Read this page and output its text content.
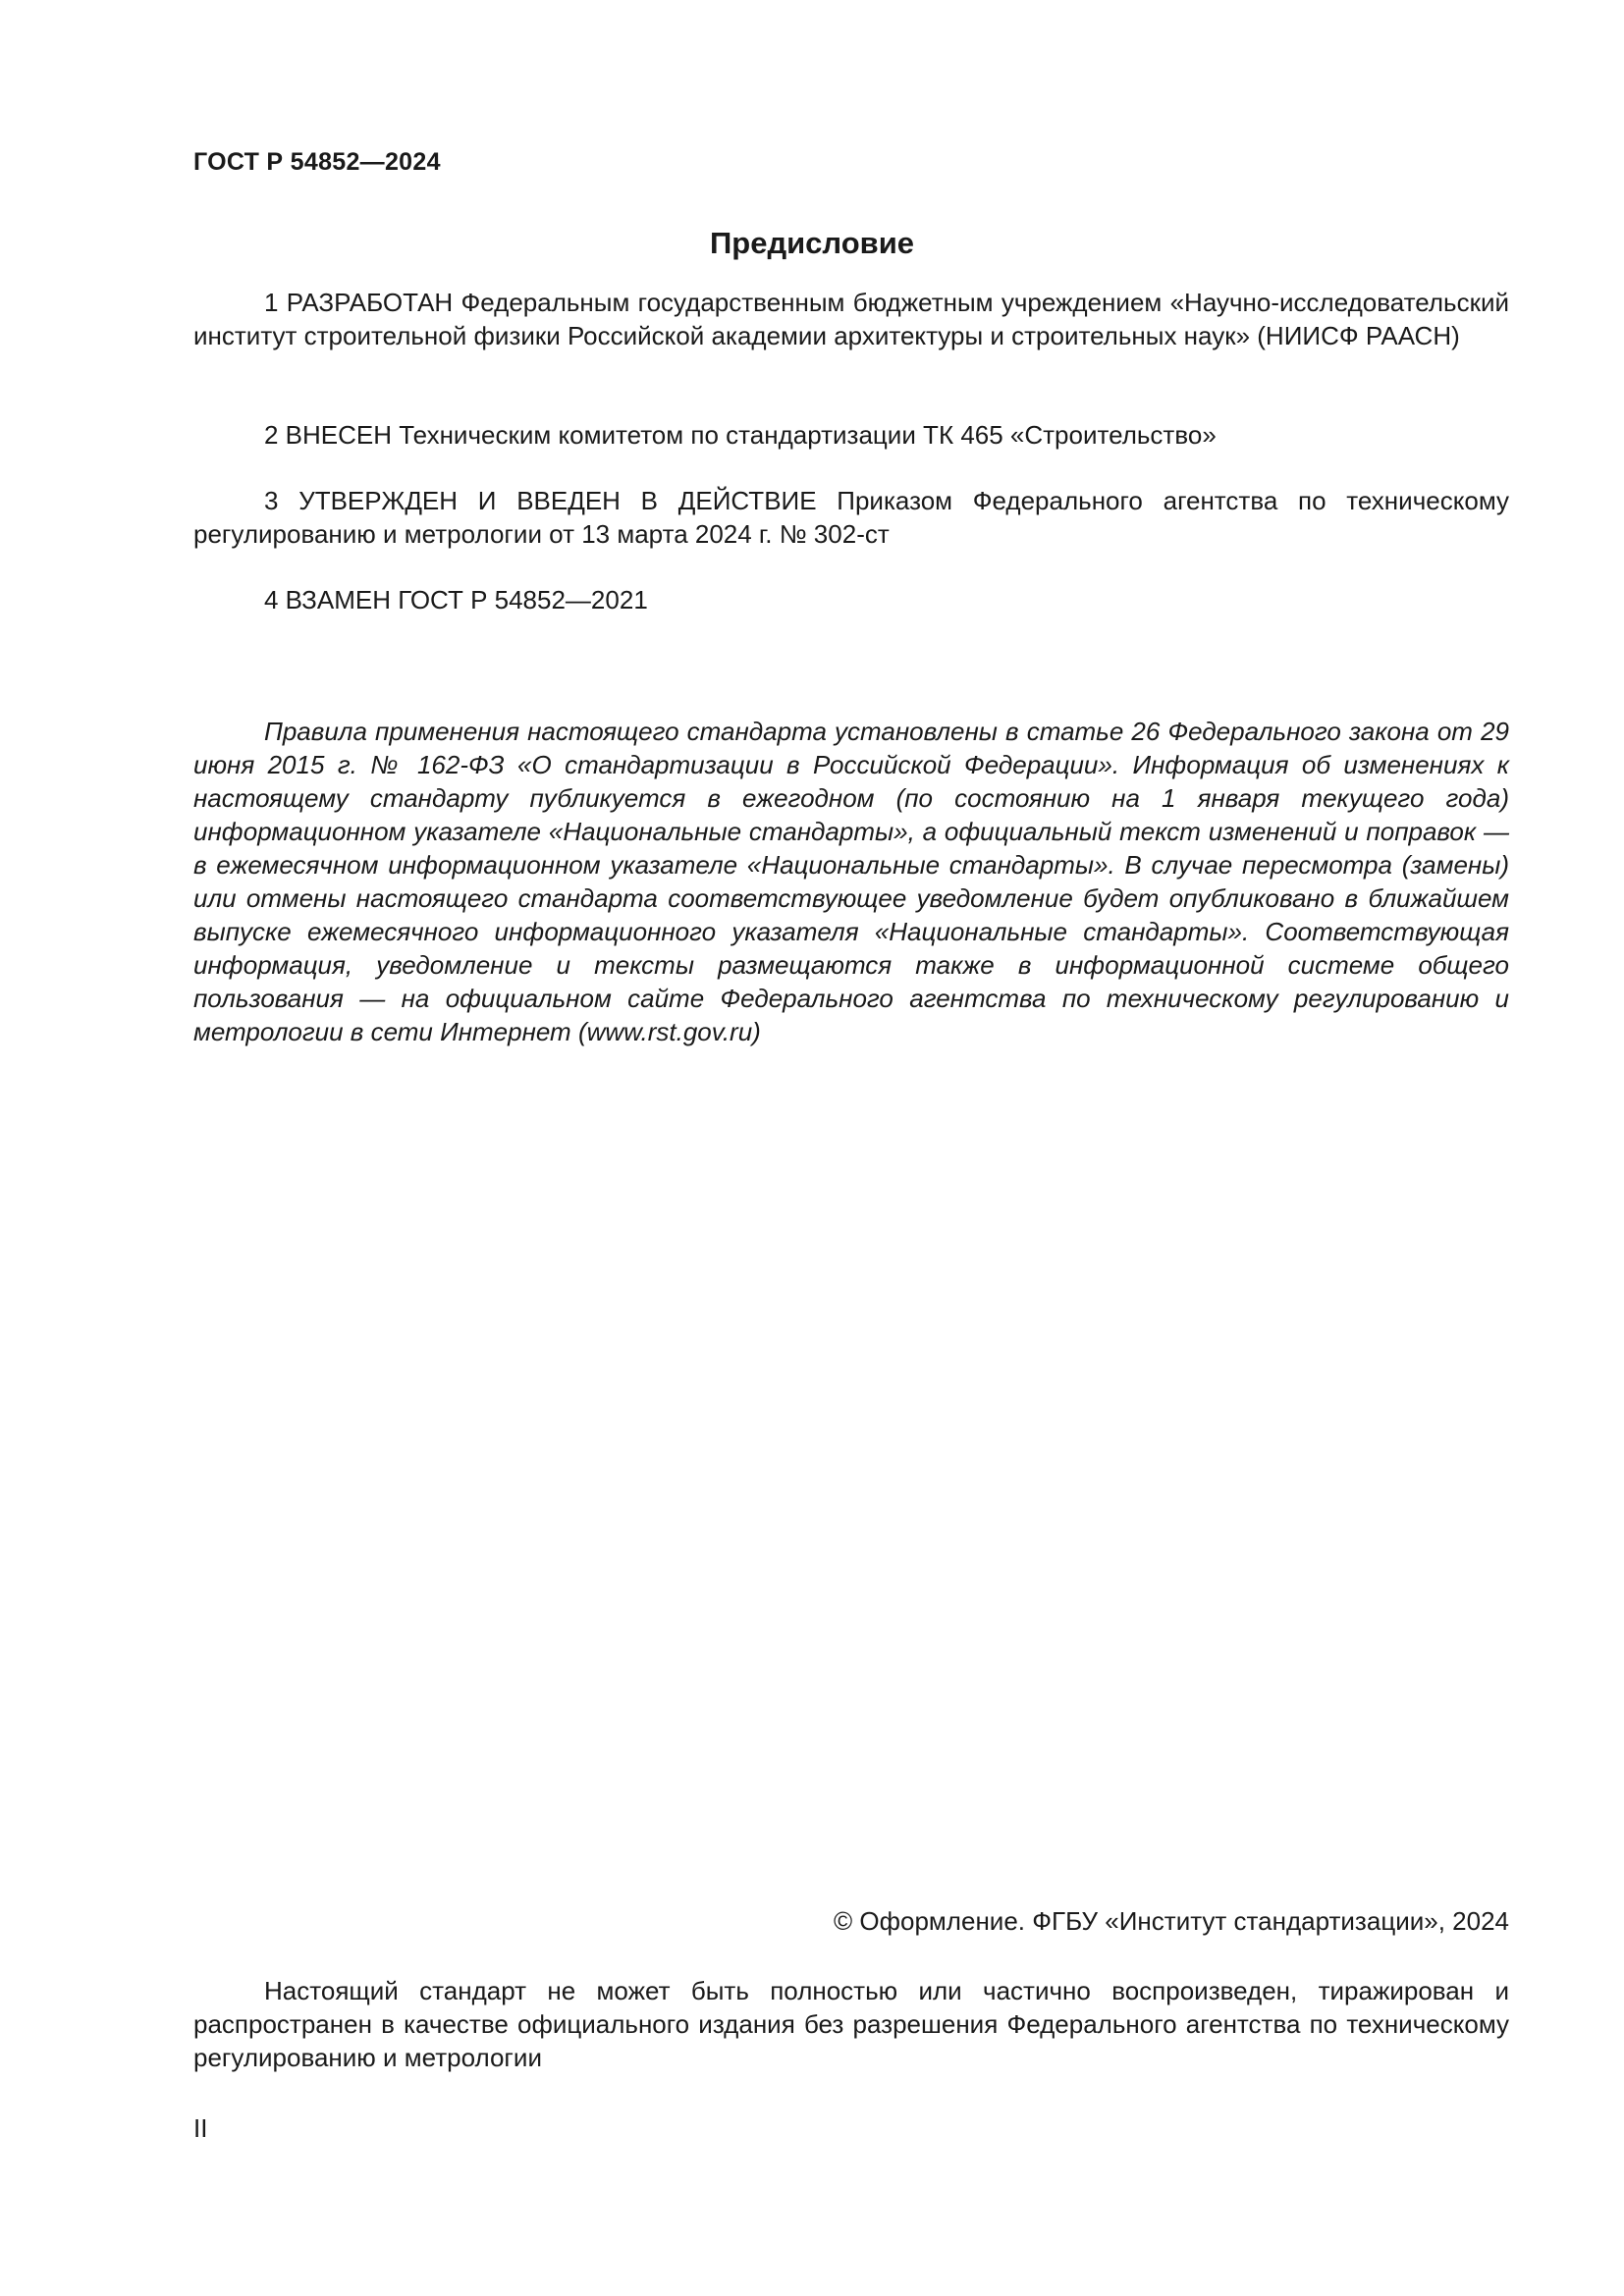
ГОСТ Р 54852—2024
Предисловие

1 РАЗРАБОТАН Федеральным государственным бюджетным учреждением «Научно-исследовательский институт строительной физики Российской академии архитектуры и строительных наук» (НИИСФ РААСН)

2 ВНЕСЕН Техническим комитетом по стандартизации ТК 465 «Строительство»

3 УТВЕРЖДЕН И ВВЕДЕН В ДЕЙСТВИЕ Приказом Федерального агентства по техническому регулированию и метрологии от 13 марта 2024 г. № 302-ст

4 ВЗАМЕН ГОСТ Р 54852—2021

Правила применения настоящего стандарта установлены в статье 26 Федерального закона от 29 июня 2015 г. № 162-ФЗ «О стандартизации в Российской Федерации». Информация об изменениях к настоящему стандарту публикуется в ежегодном (по состоянию на 1 января текущего года) информационном указателе «Национальные стандарты», а официальный текст изменений и поправок — в ежемесячном информационном указателе «Национальные стандарты». В случае пересмотра (замены) или отмены настоящего стандарта соответствующее уведомление будет опубликовано в ближайшем выпуске ежемесячного информационного указателя «Национальные стандарты». Соответствующая информация, уведомление и тексты размещаются также в информационной системе общего пользования — на официальном сайте Федерального агентства по техническому регулированию и метрологии в сети Интернет (www.rst.gov.ru)

© Оформление. ФГБУ «Институт стандартизации», 2024

Настоящий стандарт не может быть полностью или частично воспроизведен, тиражирован и распространен в качестве официального издания без разрешения Федерального агентства по техническому регулированию и метрологии

II
